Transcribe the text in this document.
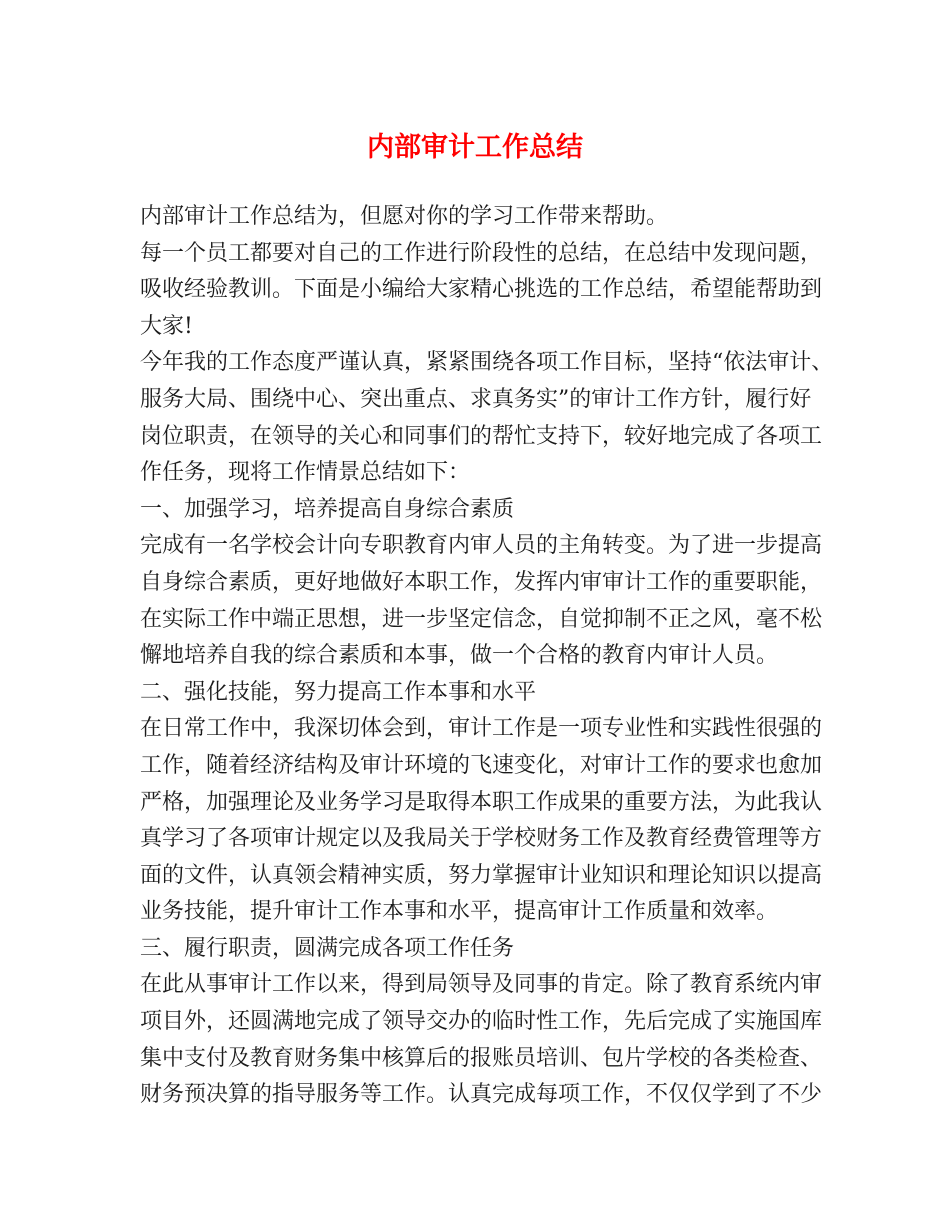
内部审计工作总结
内部审计工作总结为，但愿对你的学习工作带来帮助。
每一个员工都要对自己的工作进行阶段性的总结，在总结中发现问题，
吸收经验教训。下面是小编给大家精心挑选的工作总结，希望能帮助到
大家!
今年我的工作态度严谨认真，紧紧围绕各项工作目标，坚持“依法审计、
服务大局、围绕中心、突出重点、求真务实”的审计工作方针，履行好
岗位职责，在领导的关心和同事们的帮忙支持下，较好地完成了各项工
作任务，现将工作情景总结如下：
一、加强学习，培养提高自身综合素质
完成有一名学校会计向专职教育内审人员的主角转变。为了进一步提高
自身综合素质，更好地做好本职工作，发挥内审审计工作的重要职能，
在实际工作中端正思想，进一步坚定信念，自觉抑制不正之风，毫不松
懈地培养自我的综合素质和本事，做一个合格的教育内审计人员。
二、强化技能，努力提高工作本事和水平
在日常工作中，我深切体会到，审计工作是一项专业性和实践性很强的
工作，随着经济结构及审计环境的飞速变化，对审计工作的要求也愈加
严格，加强理论及业务学习是取得本职工作成果的重要方法，为此我认
真学习了各项审计规定以及我局关于学校财务工作及教育经费管理等方
面的文件，认真领会精神实质，努力掌握审计业知识和理论知识以提高
业务技能，提升审计工作本事和水平，提高审计工作质量和效率。
三、履行职责，圆满完成各项工作任务
在此从事审计工作以来，得到局领导及同事的肯定。除了教育系统内审
项目外，还圆满地完成了领导交办的临时性工作，先后完成了实施国库
集中支付及教育财务集中核算后的报账员培训、包片学校的各类检查、
财务预决算的指导服务等工作。认真完成每项工作，不仅仅学到了不少
